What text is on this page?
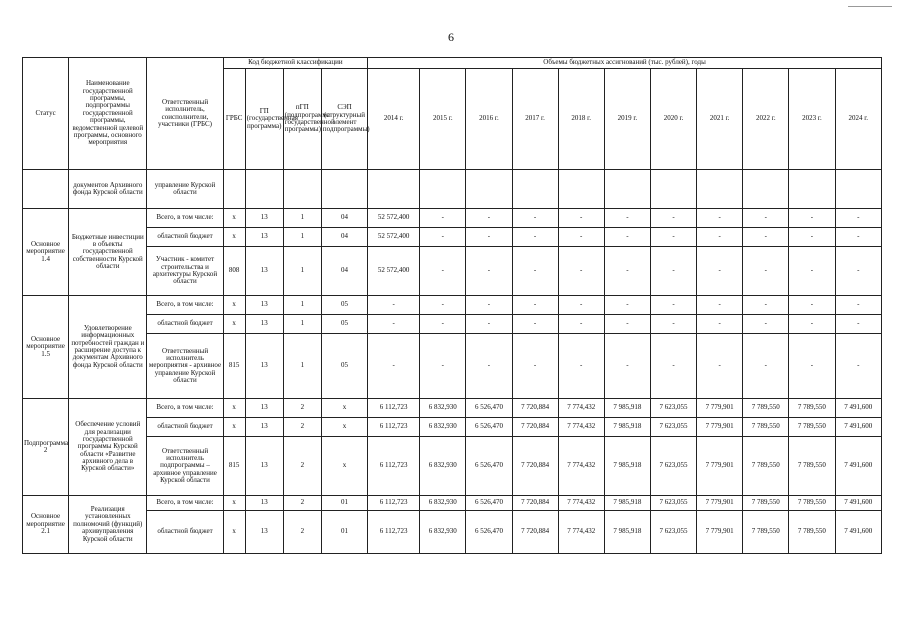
6
Статус	Наименование государственной программы, подпрограммы государственной программы, ведомственной целевой программы, основного мероприятия	Ответственный исполнитель, соисполнители, участники (ГРБС)	Код бюджетной классификации				Объемы бюджетных ассигнований (тыс. рублей), годы										
			ГРБС	ГП (государственная программа)	пГП (подпрограмма государственной программы)	СЭП (структурный элемент подпрограммы)	2014 г.	2015 г.	2016 г.	2017 г.	2018 г.	2019 г.	2020 г.	2021 г.	2022 г.	2023 г.	2024 г.
	документов Архивного фонда Курской области	управление Курской области															
Основное мероприятие 1.4	Бюджетные инвестиции в объекты государственной собственности Курской области	Всего, в том числе:	x	13	1	04	52 572,400	-	-	-	-	-	-	-	-	-	-
		областной бюджет	x	13	1	04	52 572,400	-	-	-	-	-	-	-	-	-	-
		Участник - комитет строительства и архитектуры Курской области	808	13	1	04	52 572,400	-	-	-	-	-	-	-	-	-	-
Основное мероприятие 1.5	Удовлетворение информационных потребностей граждан и расширение доступа к документам Архивного фонда Курской области	Всего, в том числе:	x	13	1	05	-	-	-	-	-	-	-	-	-	-	-
		областной бюджет	x	13	1	05	-	-	-	-	-	-	-	-	-	-	-
		Ответственный исполнитель мероприятия - архивное управление Курской области	815	13	1	05	-	-	-	-	-	-	-	-	-	-	-
Подпрограмма 2	Обеспечение условий для реализации государственной программы Курской области «Развитие архивного дела в Курской области»	Всего, в том числе:	x	13	2	x	6 112,723	6 832,930	6 526,470	7 720,884	7 774,432	7 985,918	7 623,055	7 779,901	7 789,550	7 789,550	7 491,600
		областной бюджет	x	13	2	x	6 112,723	6 832,930	6 526,470	7 720,884	7 774,432	7 985,918	7 623,055	7 779,901	7 789,550	7 789,550	7 491,600
		Ответственный исполнитель подпрограммы – архивное управление Курской области	815	13	2	x	6 112,723	6 832,930	6 526,470	7 720,884	7 774,432	7 985,918	7 623,055	7 779,901	7 789,550	7 789,550	7 491,600
Основное мероприятие 2.1	Реализация установленных полномочий (функций) архивуправления Курской области	Всего, в том числе:	x	13	2	01	6 112,723	6 832,930	6 526,470	7 720,884	7 774,432	7 985,918	7 623,055	7 779,901	7 789,550	7 789,550	7 491,600
		областной бюджет	x	13	2	01	6 112,723	6 832,930	6 526,470	7 720,884	7 774,432	7 985,918	7 623,055	7 779,901	7 789,550	7 789,550	7 491,600
